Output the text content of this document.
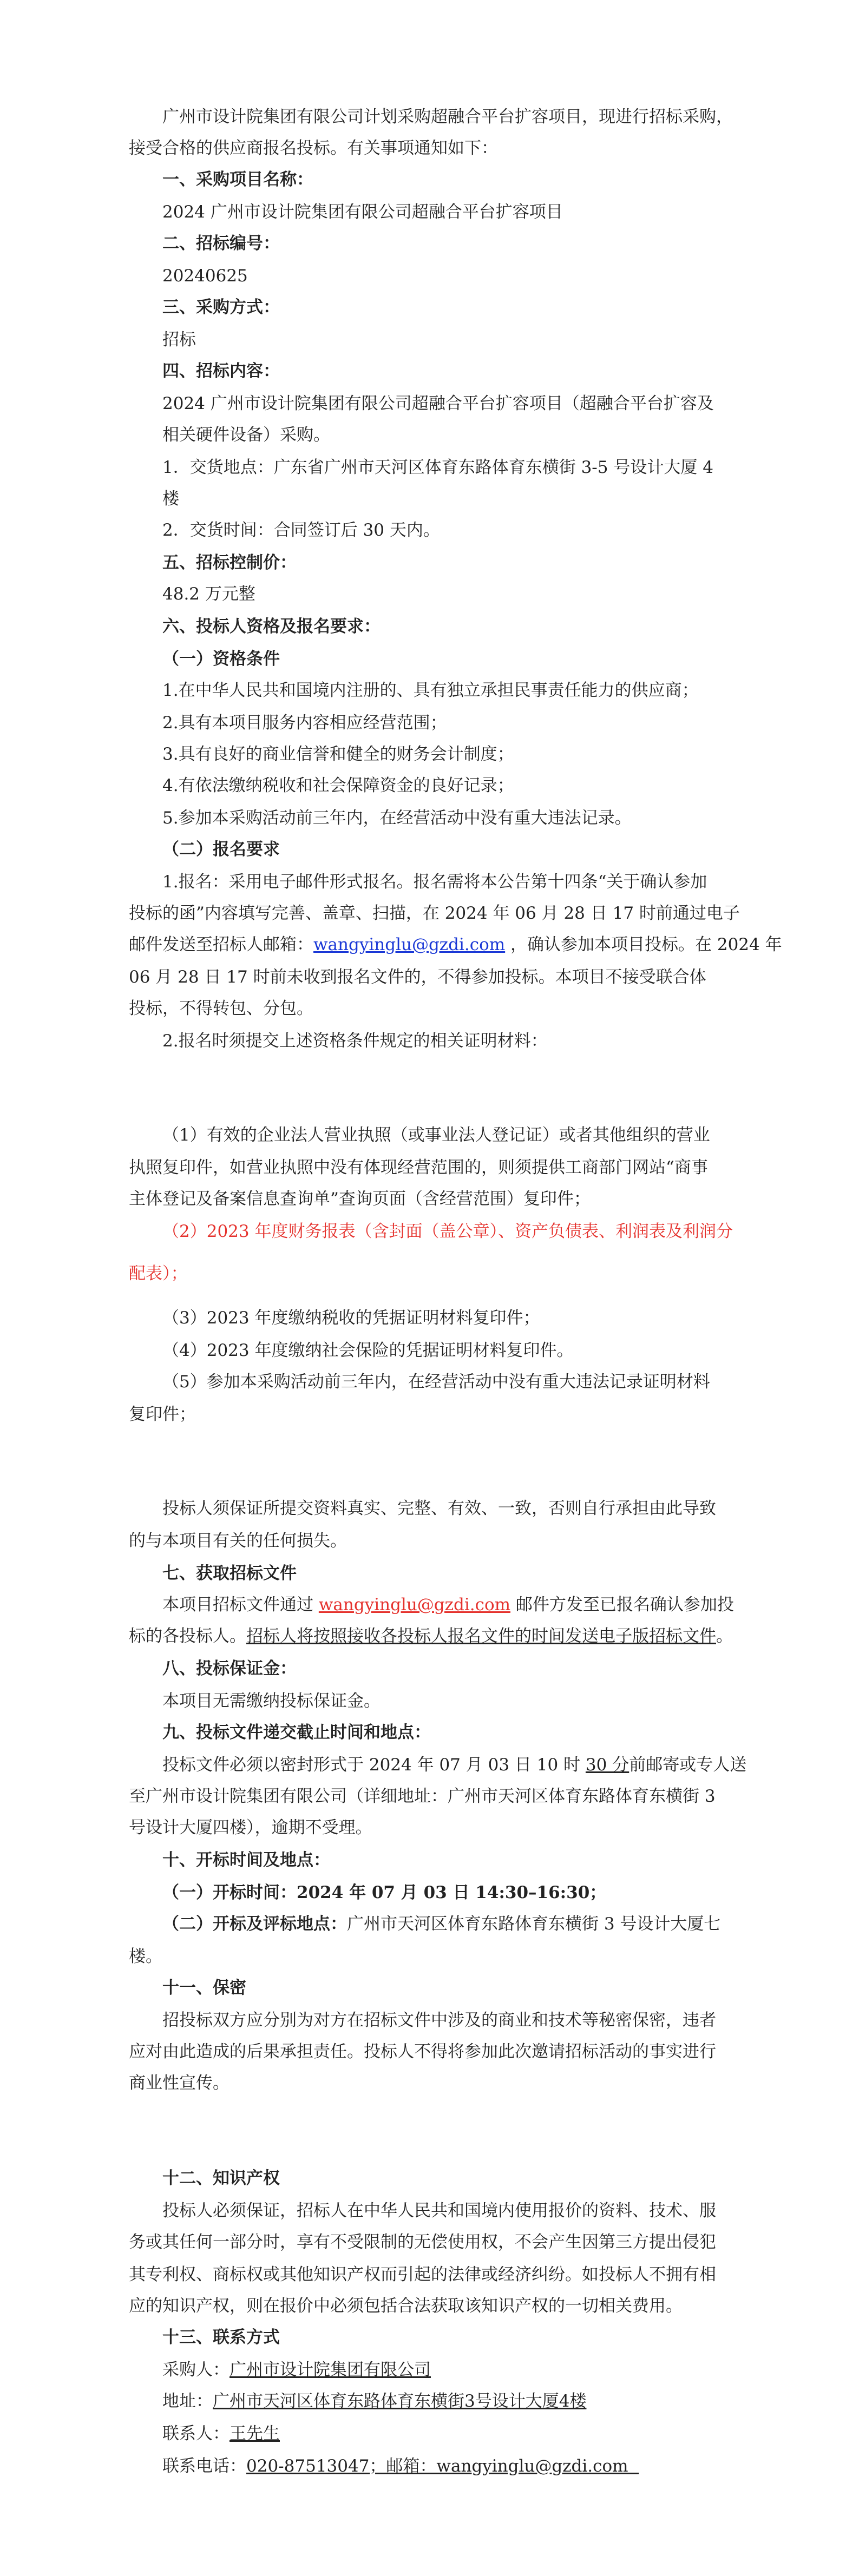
广州市设计院集团有限公司计划采购超融合平台扩容项目，现进行招标采购，
接受合格的供应商报名投标。有关事项通知如下：
一、采购项目名称：
2024 广州市设计院集团有限公司超融合平台扩容项目
二、招标编号：
20240625
三、采购方式：
招标
四、招标内容：
2024 广州市设计院集团有限公司超融合平台扩容项目（超融合平台扩容及
相关硬件设备）采购。
1．交货地点：广东省广州市天河区体育东路体育东横街 3-5 号设计大厦 4
楼
2．交货时间：合同签订后 30 天内。
五、招标控制价：
48.2 万元整
六、投标人资格及报名要求：
（一）资格条件
1.在中华人民共和国境内注册的、具有独立承担民事责任能力的供应商；
2.具有本项目服务内容相应经营范围；
3.具有良好的商业信誉和健全的财务会计制度；
4.有依法缴纳税收和社会保障资金的良好记录；
5.参加本采购活动前三年内，在经营活动中没有重大违法记录。
（二）报名要求
1.报名：采用电子邮件形式报名。报名需将本公告第十四条“关于确认参加
投标的函”内容填写完善、盖章、扫描，在 2024 年 06 月 28 日 17 时前通过电子
邮件发送至招标人邮箱：wangyinglu@gzdi.com ，确认参加本项目投标。在 2024 年
06 月 28 日 17 时前未收到报名文件的，不得参加投标。本项目不接受联合体
投标，不得转包、分包。
2.报名时须提交上述资格条件规定的相关证明材料：
（1）有效的企业法人营业执照（或事业法人登记证）或者其他组织的营业
执照复印件，如营业执照中没有体现经营范围的，则须提供工商部门网站“商事
主体登记及备案信息查询单”查询页面（含经营范围）复印件；
（2）2023 年度财务报表（含封面（盖公章）、资产负债表、利润表及利润分
配表）；
（3）2023 年度缴纳税收的凭据证明材料复印件；
（4）2023 年度缴纳社会保险的凭据证明材料复印件。
（5）参加本采购活动前三年内，在经营活动中没有重大违法记录证明材料
复印件；
投标人须保证所提交资料真实、完整、有效、一致，否则自行承担由此导致
的与本项目有关的任何损失。
七、获取招标文件
本项目招标文件通过 wangyinglu@gzdi.com 邮件方发至已报名确认参加投
标的各投标人。招标人将按照接收各投标人报名文件的时间发送电子版招标文件。
八、投标保证金：
本项目无需缴纳投标保证金。
九、投标文件递交截止时间和地点：
投标文件必须以密封形式于 2024 年 07 月 03 日 10 时 30 分前邮寄或专人送
至广州市设计院集团有限公司（详细地址：广州市天河区体育东路体育东横街 3
号设计大厦四楼），逾期不受理。
十、开标时间及地点：
（一）开标时间：2024 年 07 月 03 日 14:30–16:30；
（二）开标及评标地点：广州市天河区体育东路体育东横街 3 号设计大厦七
楼。
十一、保密
招投标双方应分别为对方在招标文件中涉及的商业和技术等秘密保密，违者
应对由此造成的后果承担责任。投标人不得将参加此次邀请招标活动的事实进行
商业性宣传。
十二、知识产权
投标人必须保证，招标人在中华人民共和国境内使用报价的资料、技术、服
务或其任何一部分时，享有不受限制的无偿使用权，不会产生因第三方提出侵犯
其专利权、商标权或其他知识产权而引起的法律或经济纠纷。如投标人不拥有相
应的知识产权，则在报价中必须包括合法获取该知识产权的一切相关费用。
十三、联系方式
采购人：广州市设计院集团有限公司
地址：广州市天河区体育东路体育东横街3号设计大厦4楼
联系人：王先生
联系电话：020-87513047；邮箱：wangyinglu@gzdi.com
